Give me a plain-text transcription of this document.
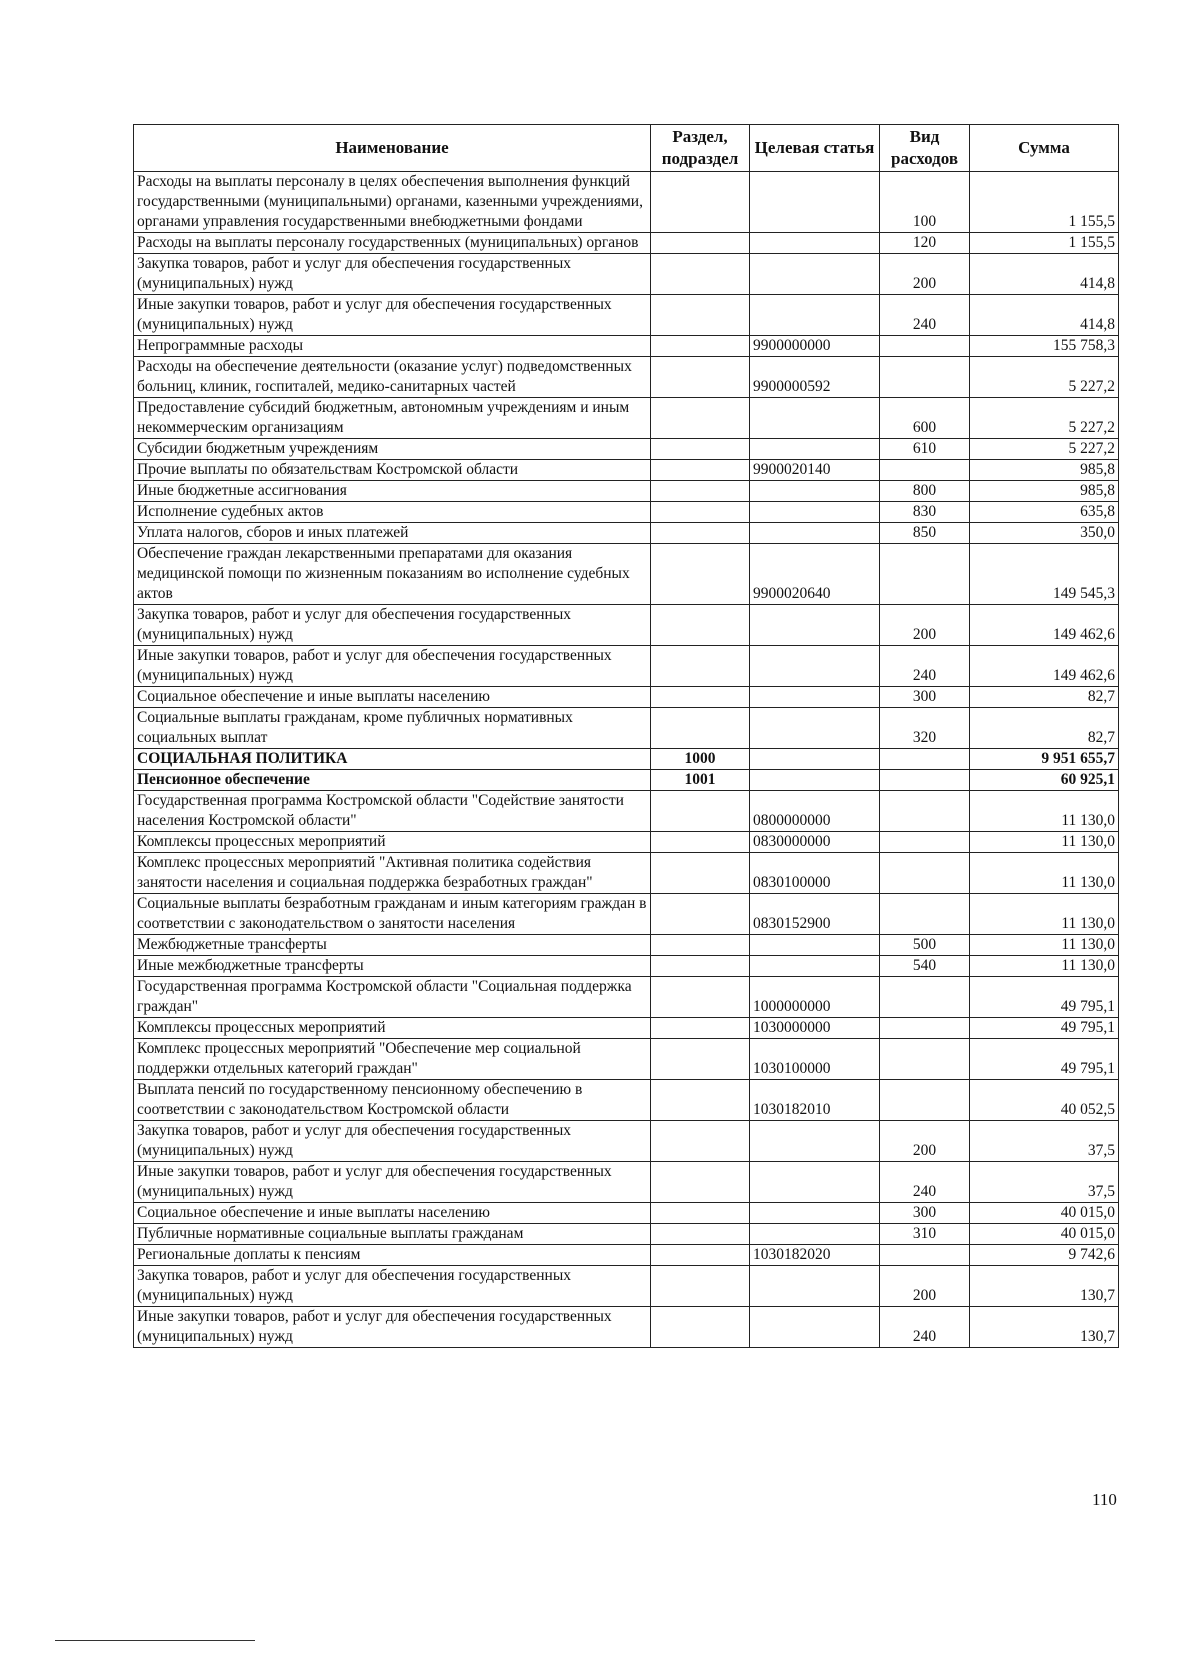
Наименование	Раздел, подраздел	Целевая статья	Вид расходов	Сумма
Расходы на выплаты персоналу в целях обеспечения выполнения функций государственными (муниципальными) органами, казенными учреждениями, органами управления государственными внебюджетными фондами			100	1 155,5
Расходы на выплаты персоналу государственных (муниципальных) органов			120	1 155,5
Закупка товаров, работ и услуг для обеспечения государственных (муниципальных) нужд			200	414,8
Иные закупки товаров, работ и услуг для обеспечения государственных (муниципальных) нужд			240	414,8
Непрограммные расходы		9900000000		155 758,3
Расходы на обеспечение деятельности (оказание услуг) подведомственных больниц, клиник, госпиталей, медико-санитарных частей		9900000592		5 227,2
Предоставление субсидий бюджетным, автономным учреждениям и иным некоммерческим организациям			600	5 227,2
Субсидии бюджетным учреждениям			610	5 227,2
Прочие выплаты по обязательствам Костромской области		9900020140		985,8
Иные бюджетные ассигнования			800	985,8
Исполнение судебных актов			830	635,8
Уплата налогов, сборов и иных платежей			850	350,0
Обеспечение граждан лекарственными препаратами для оказания медицинской помощи по жизненным показаниям во исполнение судебных актов		9900020640		149 545,3
Закупка товаров, работ и услуг для обеспечения государственных (муниципальных) нужд			200	149 462,6
Иные закупки товаров, работ и услуг для обеспечения государственных (муниципальных) нужд			240	149 462,6
Социальное обеспечение и иные выплаты населению			300	82,7
Социальные выплаты гражданам, кроме публичных нормативных социальных выплат			320	82,7
СОЦИАЛЬНАЯ ПОЛИТИКА	1000			9 951 655,7
Пенсионное обеспечение	1001			60 925,1
Государственная программа Костромской области "Содействие занятости населения Костромской области"		0800000000		11 130,0
Комплексы процессных мероприятий		0830000000		11 130,0
Комплекс процессных мероприятий "Активная политика содействия занятости населения и социальная поддержка безработных граждан"		0830100000		11 130,0
Социальные выплаты безработным гражданам и иным категориям граждан в соответствии с законодательством о занятости населения		0830152900		11 130,0
Межбюджетные трансферты			500	11 130,0
Иные межбюджетные трансферты			540	11 130,0
Государственная программа Костромской области "Социальная поддержка граждан"		1000000000		49 795,1
Комплексы процессных мероприятий		1030000000		49 795,1
Комплекс процессных мероприятий "Обеспечение мер социальной поддержки отдельных категорий граждан"		1030100000		49 795,1
Выплата пенсий по государственному пенсионному обеспечению в соответствии с законодательством Костромской области		1030182010		40 052,5
Закупка товаров, работ и услуг для обеспечения государственных (муниципальных) нужд			200	37,5
Иные закупки товаров, работ и услуг для обеспечения государственных (муниципальных) нужд			240	37,5
Социальное обеспечение и иные выплаты населению			300	40 015,0
Публичные нормативные социальные выплаты гражданам			310	40 015,0
Региональные доплаты к пенсиям		1030182020		9 742,6
Закупка товаров, работ и услуг для обеспечения государственных (муниципальных) нужд			200	130,7
Иные закупки товаров, работ и услуг для обеспечения государственных (муниципальных) нужд			240	130,7
110
